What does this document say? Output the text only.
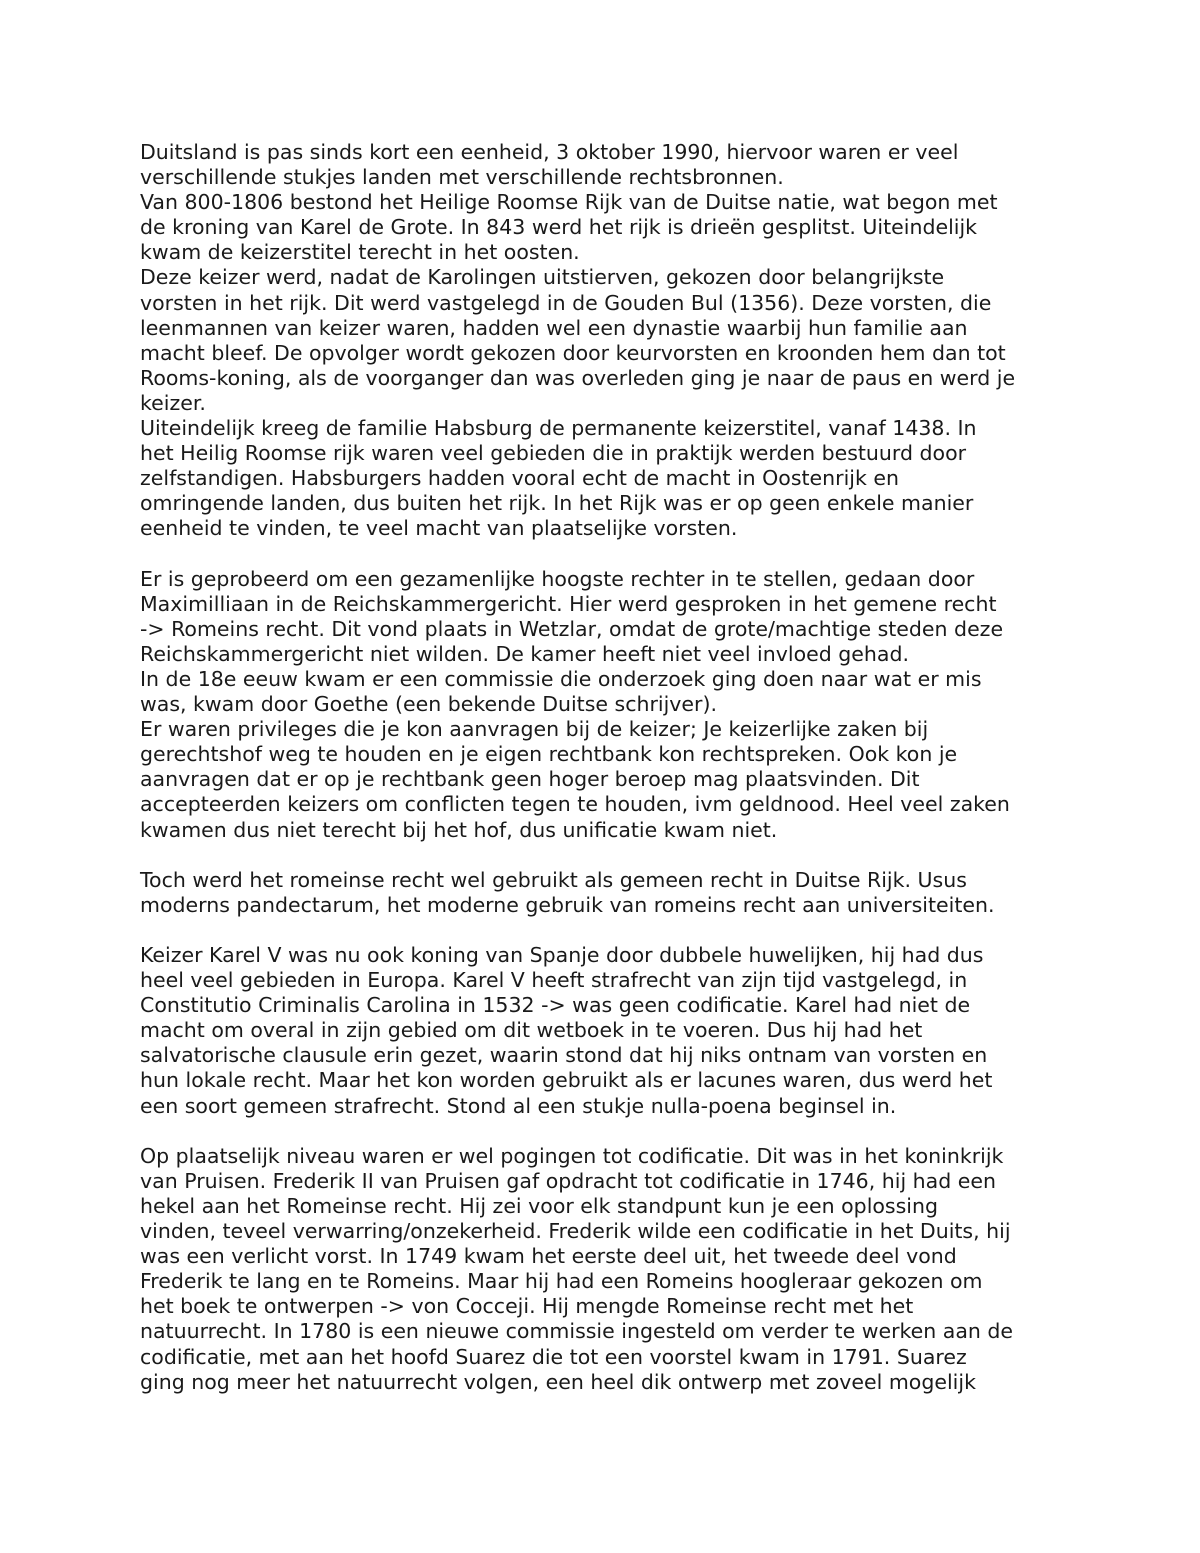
Duitsland is pas sinds kort een eenheid, 3 oktober 1990, hiervoor waren er veel
verschillende stukjes landen met verschillende rechtsbronnen.
Van 800-1806 bestond het Heilige Roomse Rijk van de Duitse natie, wat begon met
de kroning van Karel de Grote. In 843 werd het rijk is drieën gesplitst. Uiteindelijk
kwam de keizerstitel terecht in het oosten.
Deze keizer werd, nadat de Karolingen uitstierven, gekozen door belangrijkste
vorsten in het rijk. Dit werd vastgelegd in de Gouden Bul (1356). Deze vorsten, die
leenmannen van keizer waren, hadden wel een dynastie waarbij hun familie aan
macht bleef. De opvolger wordt gekozen door keurvorsten en kroonden hem dan tot
Rooms-koning, als de voorganger dan was overleden ging je naar de paus en werd je
keizer.
Uiteindelijk kreeg de familie Habsburg de permanente keizerstitel, vanaf 1438. In
het Heilig Roomse rijk waren veel gebieden die in praktijk werden bestuurd door
zelfstandigen. Habsburgers hadden vooral echt de macht in Oostenrijk en
omringende landen, dus buiten het rijk. In het Rijk was er op geen enkele manier
eenheid te vinden, te veel macht van plaatselijke vorsten.
Er is geprobeerd om een gezamenlijke hoogste rechter in te stellen, gedaan door
Maximilliaan in de Reichskammergericht. Hier werd gesproken in het gemene recht
-> Romeins recht. Dit vond plaats in Wetzlar, omdat de grote/machtige steden deze
Reichskammergericht niet wilden. De kamer heeft niet veel invloed gehad.
In de 18e eeuw kwam er een commissie die onderzoek ging doen naar wat er mis
was, kwam door Goethe (een bekende Duitse schrijver).
Er waren privileges die je kon aanvragen bij de keizer; Je keizerlijke zaken bij
gerechtshof weg te houden en je eigen rechtbank kon rechtspreken. Ook kon je
aanvragen dat er op je rechtbank geen hoger beroep mag plaatsvinden. Dit
accepteerden keizers om conflicten tegen te houden, ivm geldnood. Heel veel zaken
kwamen dus niet terecht bij het hof, dus unificatie kwam niet.
Toch werd het romeinse recht wel gebruikt als gemeen recht in Duitse Rijk. Usus
moderns pandectarum, het moderne gebruik van romeins recht aan universiteiten.
Keizer Karel V was nu ook koning van Spanje door dubbele huwelijken, hij had dus
heel veel gebieden in Europa. Karel V heeft strafrecht van zijn tijd vastgelegd, in
Constitutio Criminalis Carolina in 1532 -> was geen codificatie. Karel had niet de
macht om overal in zijn gebied om dit wetboek in te voeren. Dus hij had het
salvatorische clausule erin gezet, waarin stond dat hij niks ontnam van vorsten en
hun lokale recht. Maar het kon worden gebruikt als er lacunes waren, dus werd het
een soort gemeen strafrecht. Stond al een stukje nulla-poena beginsel in.
Op plaatselijk niveau waren er wel pogingen tot codificatie. Dit was in het koninkrijk
van Pruisen. Frederik II van Pruisen gaf opdracht tot codificatie in 1746, hij had een
hekel aan het Romeinse recht. Hij zei voor elk standpunt kun je een oplossing
vinden, teveel verwarring/onzekerheid. Frederik wilde een codificatie in het Duits, hij
was een verlicht vorst. In 1749 kwam het eerste deel uit, het tweede deel vond
Frederik te lang en te Romeins. Maar hij had een Romeins hoogleraar gekozen om
het boek te ontwerpen -> von Cocceji. Hij mengde Romeinse recht met het
natuurrecht. In 1780 is een nieuwe commissie ingesteld om verder te werken aan de
codificatie, met aan het hoofd Suarez die tot een voorstel kwam in 1791. Suarez
ging nog meer het natuurrecht volgen, een heel dik ontwerp met zoveel mogelijk
